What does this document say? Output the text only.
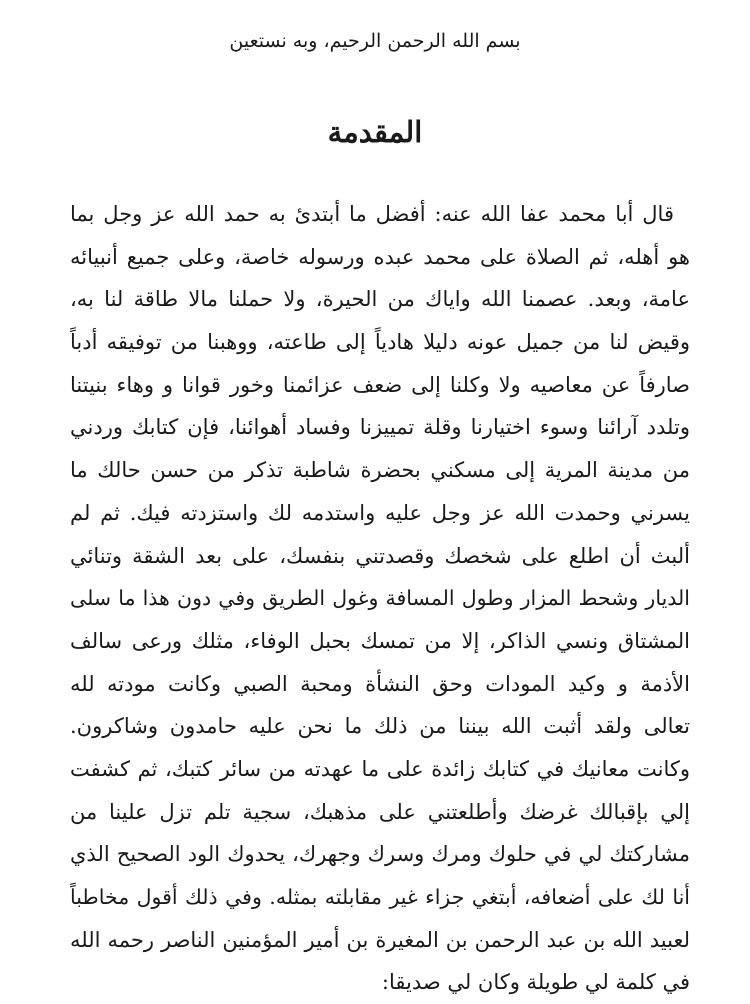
بسم الله الرحمن الرحيم، وبه نستعين
المقدمة
قال أبا محمد عفا الله عنه: أفضل ما أبتدئ به حمد الله عز وجل بما
هو أهله، ثم الصلاة على محمد عبده ورسوله خاصة، وعلى جميع أنبيائه
عامة، وبعد. عصمنا الله واياك من الحيرة، ولا حملنا مالا طاقة لنا به،
وقيض لنا من جميل عونه دليلا هادياً إلى طاعته، ووهبنا من توفيقه أدباً
صارفاً عن معاصيه ولا وكلنا إلى ضعف عزائمنا وخور قوانا و وهاء بنيتنا
وتلدد آرائنا وسوء اختيارنا وقلة تمييزنا وفساد أهوائنا، فإن كتابك وردني
من مدينة المرية إلى مسكني بحضرة شاطبة تذكر من حسن حالك ما
يسرني وحمدت الله عز وجل عليه واستدمه لك واستزدته فيك. ثم لم
ألبث أن اطلع على شخصك وقصدتني بنفسك، على بعد الشقة وتنائي
الديار وشحط المزار وطول المسافة وغول الطريق وفي دون هذا ما سلى
المشتاق ونسي الذاكر، إلا من تمسك بحبل الوفاء، مثلك ورعى سالف
الأذمة و وكيد المودات وحق النشأة ومحبة الصبي وكانت مودته لله
تعالى ولقد أثبت الله بيننا من ذلك ما نحن عليه حامدون وشاكرون.
وكانت معانيك في كتابك زائدة على ما عهدته من سائر كتبك، ثم كشفت
إلي بإقبالك غرضك وأطلعتني على مذهبك، سجية تلم تزل علينا من
مشاركتك لي في حلوك ومرك وسرك وجهرك، يحدوك الود الصحيح الذي
أنا لك على أضعافه، أبتغي جزاء غير مقابلته بمثله. وفي ذلك أقول مخاطباً
لعبيد الله بن عبد الرحمن بن المغيرة بن أمير المؤمنين الناصر رحمه الله
في كلمة لي طويلة وكان لي صديقا:
